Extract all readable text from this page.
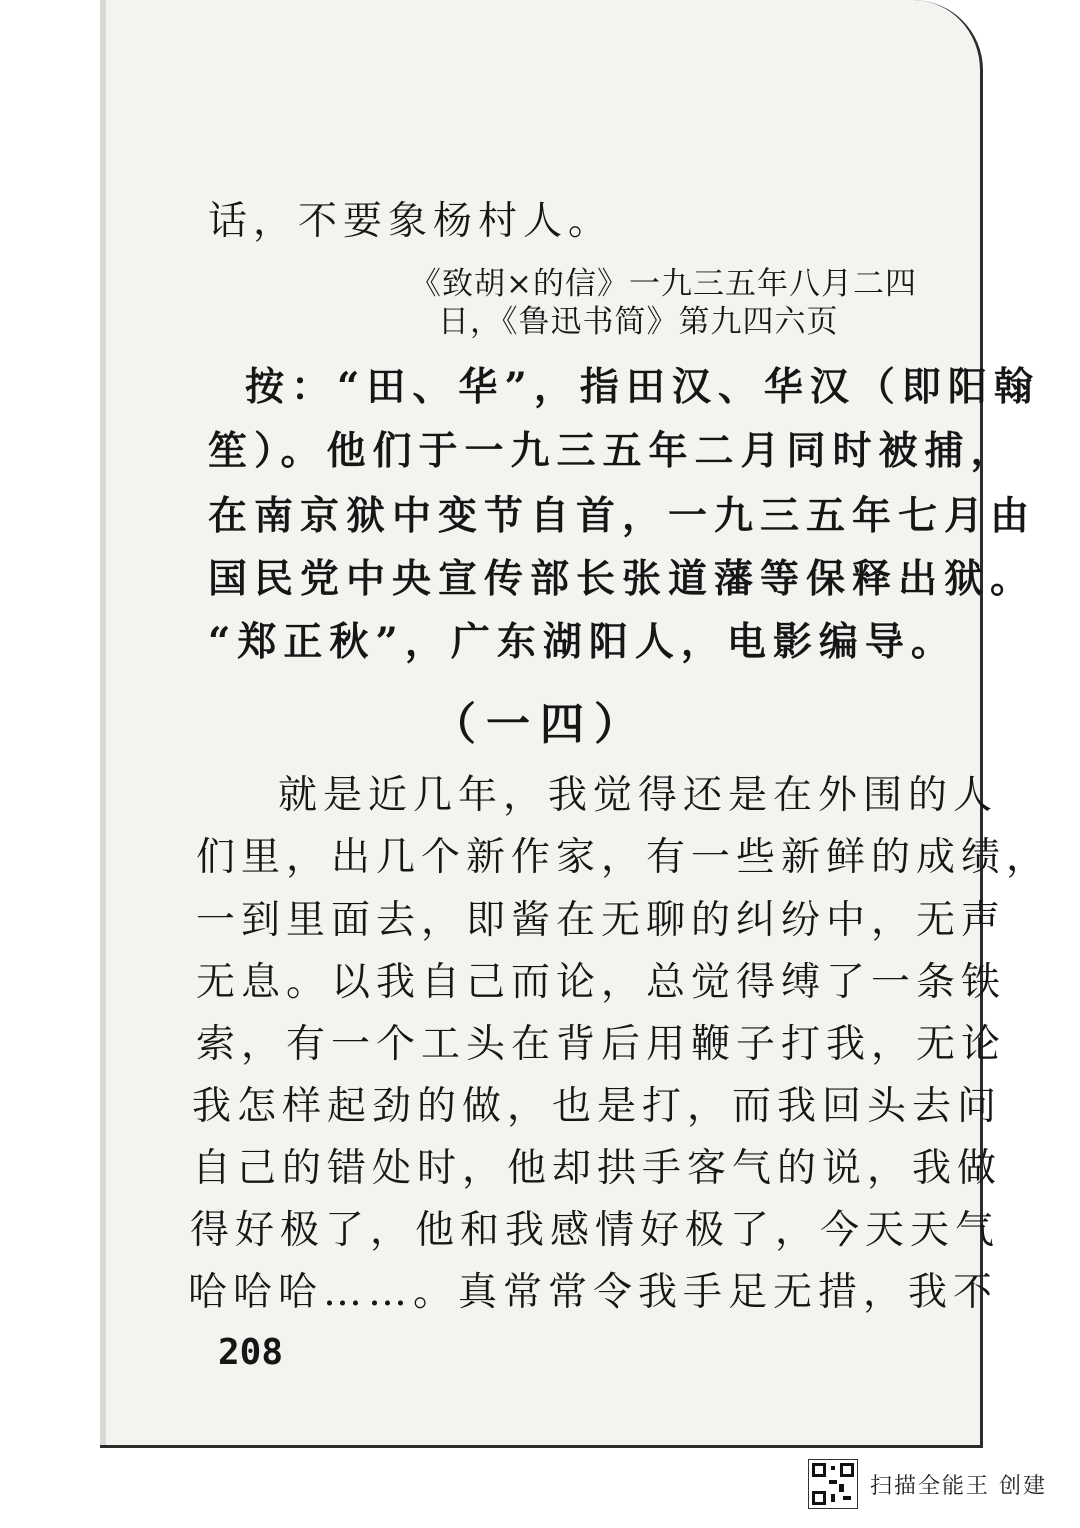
话，不要象杨村人。
《致胡×的信》一九三五年八月二四
日，《鲁迅书简》第九四六页
按：“田、华”，指田汉、华汉（即阳翰
笙）。他们于一九三五年二月同时被捕，
在南京狱中变节自首，一九三五年七月由
国民党中央宣传部长张道藩等保释出狱。
“郑正秋”，广东湖阳人，电影编导。
（一四）
就是近几年，我觉得还是在外围的人
们里，出几个新作家，有一些新鲜的成绩，
一到里面去，即酱在无聊的纠纷中，无声
无息。以我自己而论，总觉得缚了一条铁
索，有一个工头在背后用鞭子打我，无论
我怎样起劲的做，也是打，而我回头去问
自己的错处时，他却拱手客气的说，我做
得好极了，他和我感情好极了，今天天气
哈哈哈……。真常常令我手足无措，我不
208
扫描全能王 创建
